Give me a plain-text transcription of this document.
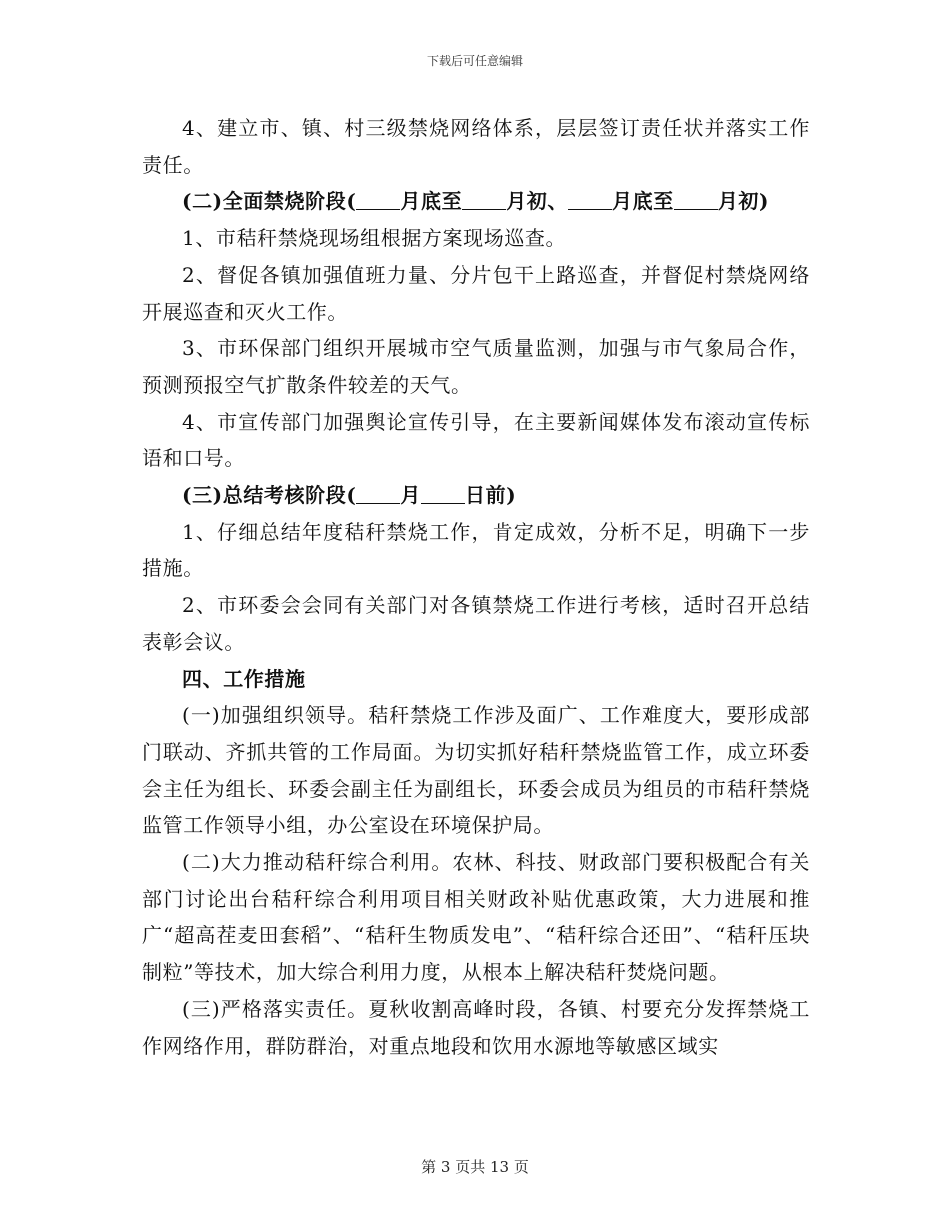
下载后可任意编辑

4、建立市、镇、村三级禁烧网络体系，层层签订责任状并落实工作责任。

(二)全面禁烧阶段( 月底至 月初、 月底至 月初)

1、市秸秆禁烧现场组根据方案现场巡查。

2、督促各镇加强值班力量、分片包干上路巡查，并督促村禁烧网络开展巡查和灭火工作。

3、市环保部门组织开展城市空气质量监测，加强与市气象局合作，预测预报空气扩散条件较差的天气。

4、市宣传部门加强舆论宣传引导，在主要新闻媒体发布滚动宣传标语和口号。

(三)总结考核阶段( 月 日前)

1、仔细总结年度秸秆禁烧工作，肯定成效，分析不足，明确下一步措施。

2、市环委会会同有关部门对各镇禁烧工作进行考核，适时召开总结表彰会议。

四、工作措施

(一)加强组织领导。秸秆禁烧工作涉及面广、工作难度大，要形成部门联动、齐抓共管的工作局面。为切实抓好秸秆禁烧监管工作，成立环委会主任为组长、环委会副主任为副组长，环委会成员为组员的市秸秆禁烧监管工作领导小组，办公室设在环境保护局。

(二)大力推动秸秆综合利用。农林、科技、财政部门要积极配合有关部门讨论出台秸秆综合利用项目相关财政补贴优惠政策，大力进展和推广“超高茬麦田套稻”、“秸秆生物质发电”、“秸秆综合还田”、“秸秆压块制粒”等技术，加大综合利用力度，从根本上解决秸秆焚烧问题。

(三)严格落实责任。夏秋收割高峰时段，各镇、村要充分发挥禁烧工作网络作用，群防群治，对重点地段和饮用水源地等敏感区域实

第 3 页共 13 页
